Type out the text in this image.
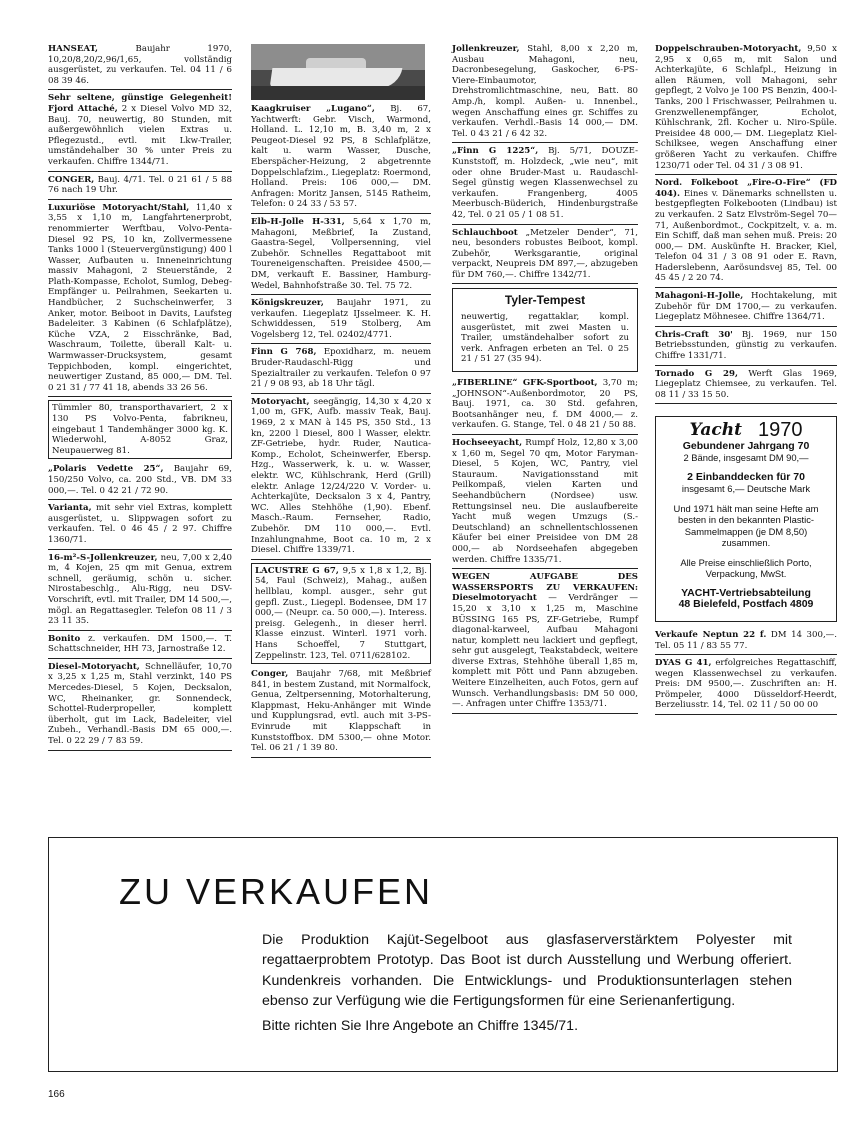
HANSEAT, Baujahr 1970, 10,20/8,20/2,96/1,65, vollständig ausgerüstet, zu verkaufen. Tel. 04 11 / 6 08 39 46.
Sehr seltene, günstige Gelegenheit! Fjord Attaché, 2 x Diesel Volvo MD 32, Bauj. 70, neuwertig, 80 Stunden, mit außergewöhnlich vielen Extras u. Pflegezustd., evtl. mit Lkw-Trailer, umständehalber 30 % unter Preis zu verkaufen. Chiffre 1344/71.
CONGER, Bauj. 4/71. Tel. 0 21 61 / 5 88 76 nach 19 Uhr.
Luxuriöse Motoryacht/Stahl, 11,40 x 3,55 x 1,10 m, Langfahrtenerprobt, renommierter Werftbau, Volvo-Penta-Diesel 92 PS, 10 kn, Zollvermessene Tanks 1000 l (Steuervergünstigung) 400 l Wasser, Aufbauten u. Inneneinrichtung massiv Mahagoni, 2 Steuerstände, 2 Plath-Kompasse, Echolot, Sumlog, Debeg-Empfänger u. Peilrahmen, Seekarten u. Handbücher, 2 Suchscheinwerfer, 3 Anker, motor. Beiboot in Davits, Laufsteg Badeleiter. 3 Kabinen (6 Schlafplätze), Küche VZA, 2 Eisschränke, Bad, Waschraum, Toilette, überall Kalt- u. Warmwasser-Drucksystem, gesamt Teppichboden, kompl. eingerichtet, neuwertiger Zustand, 85 000,— DM. Tel. 0 21 31 / 77 41 18, abends 33 26 56.
Tümmler 80, transporthavariert, 2 x 130 PS Volvo-Penta, fabrikneu, eingebaut 1 Tandemhänger 3000 kg. K. Wiederwohl, A-8052 Graz, Neupauerweg 81.
„Polaris Vedette 25“, Baujahr 69, 150/250 Volvo, ca. 200 Std., VB. DM 33 000,—. Tel. 0 42 21 / 72 90.
Varianta, mit sehr viel Extras, komplett ausgerüstet, u. Slippwagen sofort zu verkaufen. Tel. 0 46 45 / 2 97. Chiffre 1360/71.
16-m²-S-Jollenkreuzer, neu, 7,00 x 2,40 m, 4 Kojen, 25 qm mit Genua, extrem schnell, geräumig, schön u. sicher. Nirostabeschlg., Alu-Rigg, neu DSV-Vorschrift, evtl. mit Trailer, DM 14 500,—, mögl. an Regattasegler. Telefon 08 11 / 3 23 11 35.
Bonito z. verkaufen. DM 1500,—. T. Schattschneider, HH 73, Jarnostraße 12.
Diesel-Motoryacht, Schnelläufer, 10,70 x 3,25 x 1,25 m, Stahl verzinkt, 140 PS Mercedes-Diesel, 5 Kojen, Decksalon, WC, Rheinanker, gr. Sonnendeck, Schottel-Ruderpropeller, komplett überholt, gut im Lack, Badeleiter, viel Zubeh., Verhandl.-Basis DM 65 000,—. Tel. 0 22 29 / 7 83 59.
Kaagkruiser „Lugano“, Bj. 67, Yachtwerft: Gebr. Visch, Warmond, Holland. L. 12,10 m, B. 3,40 m, 2 x Peugeot-Diesel 92 PS, 8 Schlafplätze, kalt u. warm Wasser, Dusche, Eberspächer-Heizung, 2 abgetrennte Doppelschlafzim., Liegeplatz: Roermond, Holland. Preis: 106 000,— DM. Anfragen: Moritz Jansen, 5145 Ratheim, Telefon: 0 24 33 / 53 57.
Elb-H-Jolle H-331, 5,64 x 1,70 m, Mahagoni, Meßbrief, Ia Zustand, Gaastra-Segel, Vollpersenning, viel Zubehör. Schnelles Regattaboot mit Toureneigenschaften. Preisidee 4500,— DM, verkauft E. Bassiner, Hamburg-Wedel, Bahnhofstraße 30. Tel. 75 72.
Königskreuzer, Baujahr 1971, zu verkaufen. Liegeplatz IJsselmeer. K. H. Schwiddessen, 519 Stolberg, Am Vogelsberg 12, Tel. 02402/4771.
Finn G 768, Epoxidharz, m. neuem Bruder-Raudaschl-Rigg und Spezialtrailer zu verkaufen. Telefon 0 97 21 / 9 08 93, ab 18 Uhr tägl.
Motoryacht, seegängig, 14,30 x 4,20 x 1,00 m, GFK, Aufb. massiv Teak, Bauj. 1969, 2 x MAN à 145 PS, 350 Std., 13 kn, 2200 l Diesel, 800 l Wasser, elektr. ZF-Getriebe, hydr. Ruder, Nautica-Komp., Echolot, Scheinwerfer, Ebersp. Hzg., Wasserwerk, k. u. w. Wasser, elektr. WC, Kühlschrank, Herd (Grill) elektr. Anlage 12/24/220 V. Vorder- u. Achterkajüte, Decksalon 3 x 4, Pantry, WC. Alles Stehhöhe (1,90). Ebenf. Masch.-Raum. Fernseher, Radio, Zubehör. DM 110 000,—. Evtl. Inzahlungnahme, Boot ca. 10 m, 2 x Diesel. Chiffre 1339/71.
LACUSTRE G 67, 9,5 x 1,8 x 1,2, Bj. 54, Faul (Schweiz), Mahag., außen hellblau, kompl. ausger., sehr gut gepfl. Zust., Liegepl. Bodensee, DM 17 000,— (Neupr. ca. 50 000,—). Interess. preisg. Gelegenh., in dieser herrl. Klasse einzust. Winterl. 1971 vorh. Hans Schoeffel, 7 Stuttgart, Zeppelinstr. 123, Tel. 0711/628102.
Conger, Baujahr 7/68, mit Meßbrief 841, in bestem Zustand, mit Normalfock, Genua, Zeltpersenning, Motorhalterung, Klappmast, Heku-Anhänger mit Winde und Kupplungsrad, evtl. auch mit 3-PS-Evinrude mit Klappschaft in Kunststoffbox. DM 5300,— ohne Motor. Tel. 06 21 / 1 39 80.
Jollenkreuzer, Stahl, 8,00 x 2,20 m, Ausbau Mahagoni, neu, Dacronbesegelung, Gaskocher, 6-PS-Viere-Einbaumotor, Drehstromlichtmaschine, neu, Batt. 80 Amp./h, kompl. Außen- u. Innenbel., wegen Anschaffung eines gr. Schiffes zu verkaufen. Verhdl.-Basis 14 000,— DM. Tel. 0 43 21 / 6 42 32.
„Finn G 1225“, Bj. 5/71, DOUZE-Kunststoff, m. Holzdeck, „wie neu“, mit oder ohne Bruder-Mast u. Raudaschl-Segel günstig wegen Klassenwechsel zu verkaufen. Frangenberg, 4005 Meerbusch-Büderich, Hindenburgstraße 42, Tel. 0 21 05 / 1 08 51.
Schlauchboot „Metzeler Dender“, 71, neu, besonders robustes Beiboot, kompl. Zubehör, Werksgarantie, original verpackt, Neupreis DM 897,—, abzugeben für DM 760,—. Chiffre 1342/71.
Tyler-Tempest
neuwertig, regattaklar, kompl. ausgerüstet, mit zwei Masten u. Trailer, umständehalber sofort zu verk. Anfragen erbeten an Tel. 0 25 21 / 51 27 (35 94).
„FIBERLINE“ GFK-Sportboot, 3,70 m; „JOHNSON“-Außenbordmotor, 20 PS, Bauj. 1971, ca. 30 Std. gefahren, Bootsanhänger neu, f. DM 4000,— z. verkaufen. G. Stange, Tel. 0 48 21 / 50 88.
Hochseeyacht, Rumpf Holz, 12,80 x 3,00 x 1,60 m, Segel 70 qm, Motor Faryman-Diesel, 5 Kojen, WC, Pantry, viel Stauraum. Navigationsstand mit Peilkompaß, vielen Karten und Seehandbüchern (Nordsee) usw. Rettungsinsel neu. Die auslaufbereite Yacht muß wegen Umzugs (S.-Deutschland) an schnellentschlossenen Käufer bei einer Preisidee von DM 28 000,— ab Nordseehafen abgegeben werden. Chiffre 1335/71.
WEGEN AUFGABE DES WASSERSPORTS ZU VERKAUFEN: Dieselmotoryacht — Verdränger — 15,20 x 3,10 x 1,25 m, Maschine BÜSSING 165 PS, ZF-Getriebe, Rumpf diagonal-karweel, Aufbau Mahagoni natur, komplett neu lackiert und gepflegt, sehr gut ausgelegt, Teakstabdeck, weitere diverse Extras, Stehhöhe überall 1,85 m, komplett mit Pött und Pann abzugeben. Weitere Einzelheiten, auch Fotos, gern auf Wunsch. Verhandlungsbasis: DM 50 000,—. Anfragen unter Chiffre 1353/71.
Doppelschrauben-Motoryacht, 9,50 x 2,95 x 0,65 m, mit Salon und Achterkajüte, 6 Schlafpl., Heizung in allen Räumen, voll Mahagoni, sehr gepflegt, 2 Volvo je 100 PS Benzin, 400-l-Tanks, 200 l Frischwasser, Peilrahmen u. Grenzwellenempfänger, Echolot, Kühlschrank, 2fl. Kocher u. Niro-Spüle. Preisidee 48 000,— DM. Liegeplatz Kiel-Schilksee, wegen Anschaffung einer größeren Yacht zu verkaufen. Chiffre 1230/71 oder Tel. 04 31 / 3 08 91.
Nord. Folkeboot „Fire-O-Fire“ (FD 404). Eines v. Dänemarks schnellsten u. bestgepflegten Folkebooten (Lindbau) ist zu verkaufen. 2 Satz Elvström-Segel 70—71, Außenbordmot., Cockpitzelt, v. a. m. Ein Schiff, daß man sehen muß. Preis: 20 000,— DM. Auskünfte H. Bracker, Kiel, Telefon 04 31 / 3 08 91 oder E. Ravn, Haderslebenn, Aarösundsvej 85, Tel. 00 45 45 / 2 20 74.
Mahagoni-H-Jolle, Hochtakelung, mit Zubehör für DM 1700,— zu verkaufen. Liegeplatz Möhnesee. Chiffre 1364/71.
Chris-Craft 30' Bj. 1969, nur 150 Betriebsstunden, günstig zu verkaufen. Chiffre 1331/71.
Tornado G 29, Werft Glas 1969, Liegeplatz Chiemsee, zu verkaufen. Tel. 08 11 / 33 15 50.
Yacht 1970
Gebundener Jahrgang 70
2 Bände, insgesamt DM 90,—
2 Einbanddecken für 70
insgesamt 6,— Deutsche Mark
Und 1971 hält man seine Hefte am besten in den bekannten Plastic-Sammelmappen (je DM 8,50) zusammen.
Alle Preise einschließlich Porto, Verpackung, MwSt.
YACHT-Vertriebsabteilung
48 Bielefeld, Postfach 4809
Verkaufe Neptun 22 f. DM 14 300,—. Tel. 05 11 / 83 55 77.
DYAS G 41, erfolgreiches Regattaschiff, wegen Klassenwechsel zu verkaufen. Preis: DM 9500,—. Zuschriften an: H. Prömpeler, 4000 Düsseldorf-Heerdt, Berzeliusstr. 14, Tel. 02 11 / 50 00 00
ZU VERKAUFEN

Die Produktion Kajüt-Segelboot aus glasfaserverstärktem Polyester mit regattaerprobtem Prototyp. Das Boot ist durch Ausstellung und Werbung offeriert. Kundenkreis vorhanden. Die Entwicklungs- und Produktionsunterlagen stehen ebenso zur Verfügung wie die Fertigungsformen für eine Serienanfertigung.

Bitte richten Sie Ihre Angebote an Chiffre 1345/71.

166
